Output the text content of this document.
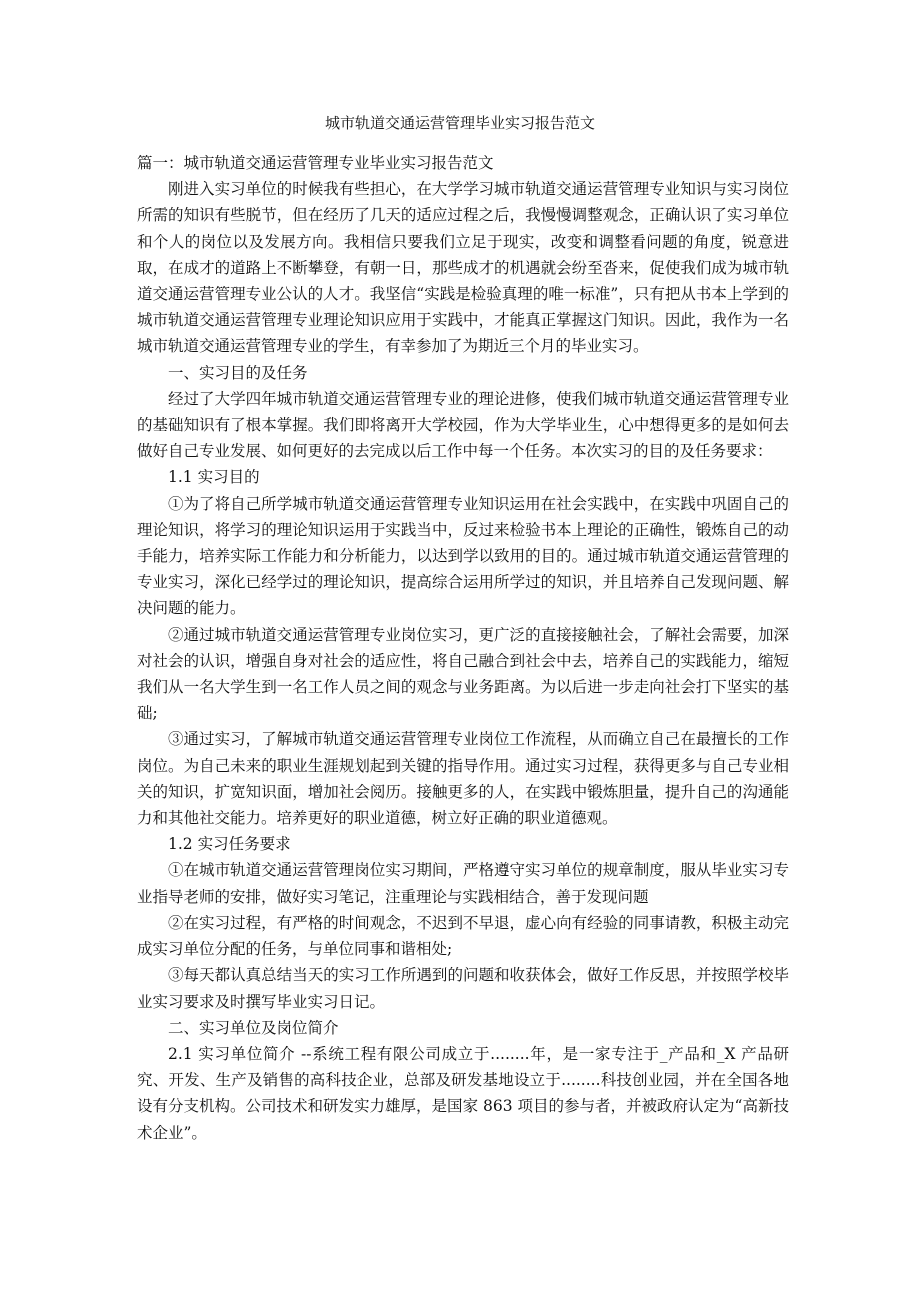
城市轨道交通运营管理毕业实习报告范文

篇一：城市轨道交通运营管理专业毕业实习报告范文

刚进入实习单位的时候我有些担心，在大学学习城市轨道交通运营管理专业知识与实习岗位所需的知识有些脱节，但在经历了几天的适应过程之后，我慢慢调整观念，正确认识了实习单位和个人的岗位以及发展方向。我相信只要我们立足于现实，改变和调整看问题的角度，锐意进取，在成才的道路上不断攀登，有朝一日，那些成才的机遇就会纷至沓来，促使我们成为城市轨道交通运营管理专业公认的人才。我坚信“实践是检验真理的唯一标准”，只有把从书本上学到的城市轨道交通运营管理专业理论知识应用于实践中，才能真正掌握这门知识。因此，我作为一名城市轨道交通运营管理专业的学生，有幸参加了为期近三个月的毕业实习。

一、实习目的及任务

经过了大学四年城市轨道交通运营管理专业的理论进修，使我们城市轨道交通运营管理专业的基础知识有了根本掌握。我们即将离开大学校园，作为大学毕业生，心中想得更多的是如何去做好自己专业发展、如何更好的去完成以后工作中每一个任务。本次实习的目的及任务要求：

1.1 实习目的

①为了将自己所学城市轨道交通运营管理专业知识运用在社会实践中，在实践中巩固自己的理论知识，将学习的理论知识运用于实践当中，反过来检验书本上理论的正确性，锻炼自己的动手能力，培养实际工作能力和分析能力，以达到学以致用的目的。通过城市轨道交通运营管理的专业实习，深化已经学过的理论知识，提高综合运用所学过的知识，并且培养自己发现问题、解决问题的能力。

②通过城市轨道交通运营管理专业岗位实习，更广泛的直接接触社会，了解社会需要，加深对社会的认识，增强自身对社会的适应性，将自己融合到社会中去，培养自己的实践能力，缩短我们从一名大学生到一名工作人员之间的观念与业务距离。为以后进一步走向社会打下坚实的基础;

③通过实习，了解城市轨道交通运营管理专业岗位工作流程，从而确立自己在最擅长的工作岗位。为自己未来的职业生涯规划起到关键的指导作用。通过实习过程，获得更多与自己专业相关的知识，扩宽知识面，增加社会阅历。接触更多的人，在实践中锻炼胆量，提升自己的沟通能力和其他社交能力。培养更好的职业道德，树立好正确的职业道德观。

1.2 实习任务要求

①在城市轨道交通运营管理岗位实习期间，严格遵守实习单位的规章制度，服从毕业实习专业指导老师的安排，做好实习笔记，注重理论与实践相结合，善于发现问题

②在实习过程，有严格的时间观念，不迟到不早退，虚心向有经验的同事请教，积极主动完成实习单位分配的任务，与单位同事和谐相处;

③每天都认真总结当天的实习工作所遇到的问题和收获体会，做好工作反思，并按照学校毕业实习要求及时撰写毕业实习日记。

二、实习单位及岗位简介

2.1 实习单位简介 --系统工程有限公司成立于........年，是一家专注于_产品和_X 产品研究、开发、生产及销售的高科技企业，总部及研发基地设立于........科技创业园，并在全国各地设有分支机构。公司技术和研发实力雄厚，是国家 863 项目的参与者，并被政府认定为“高新技术企业”。
